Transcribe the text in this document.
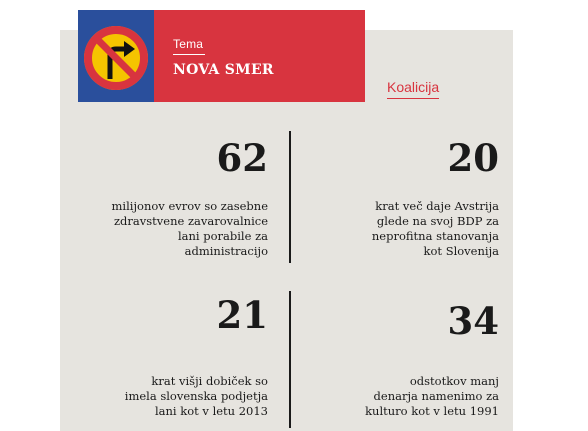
Tema
NOVA SMER
Koalicija
62
milijonov evrov so zasebne
zdravstvene zavarovalnice
lani porabile za
administracijo
20
krat več daje Avstrija
glede na svoj BDP za
neprofitna stanovanja
kot Slovenija
21
krat višji dobiček so
imela slovenska podjetja
lani kot v letu 2013
34
odstotkov manj
denarja namenimo za
kulturo kot v letu 1991
